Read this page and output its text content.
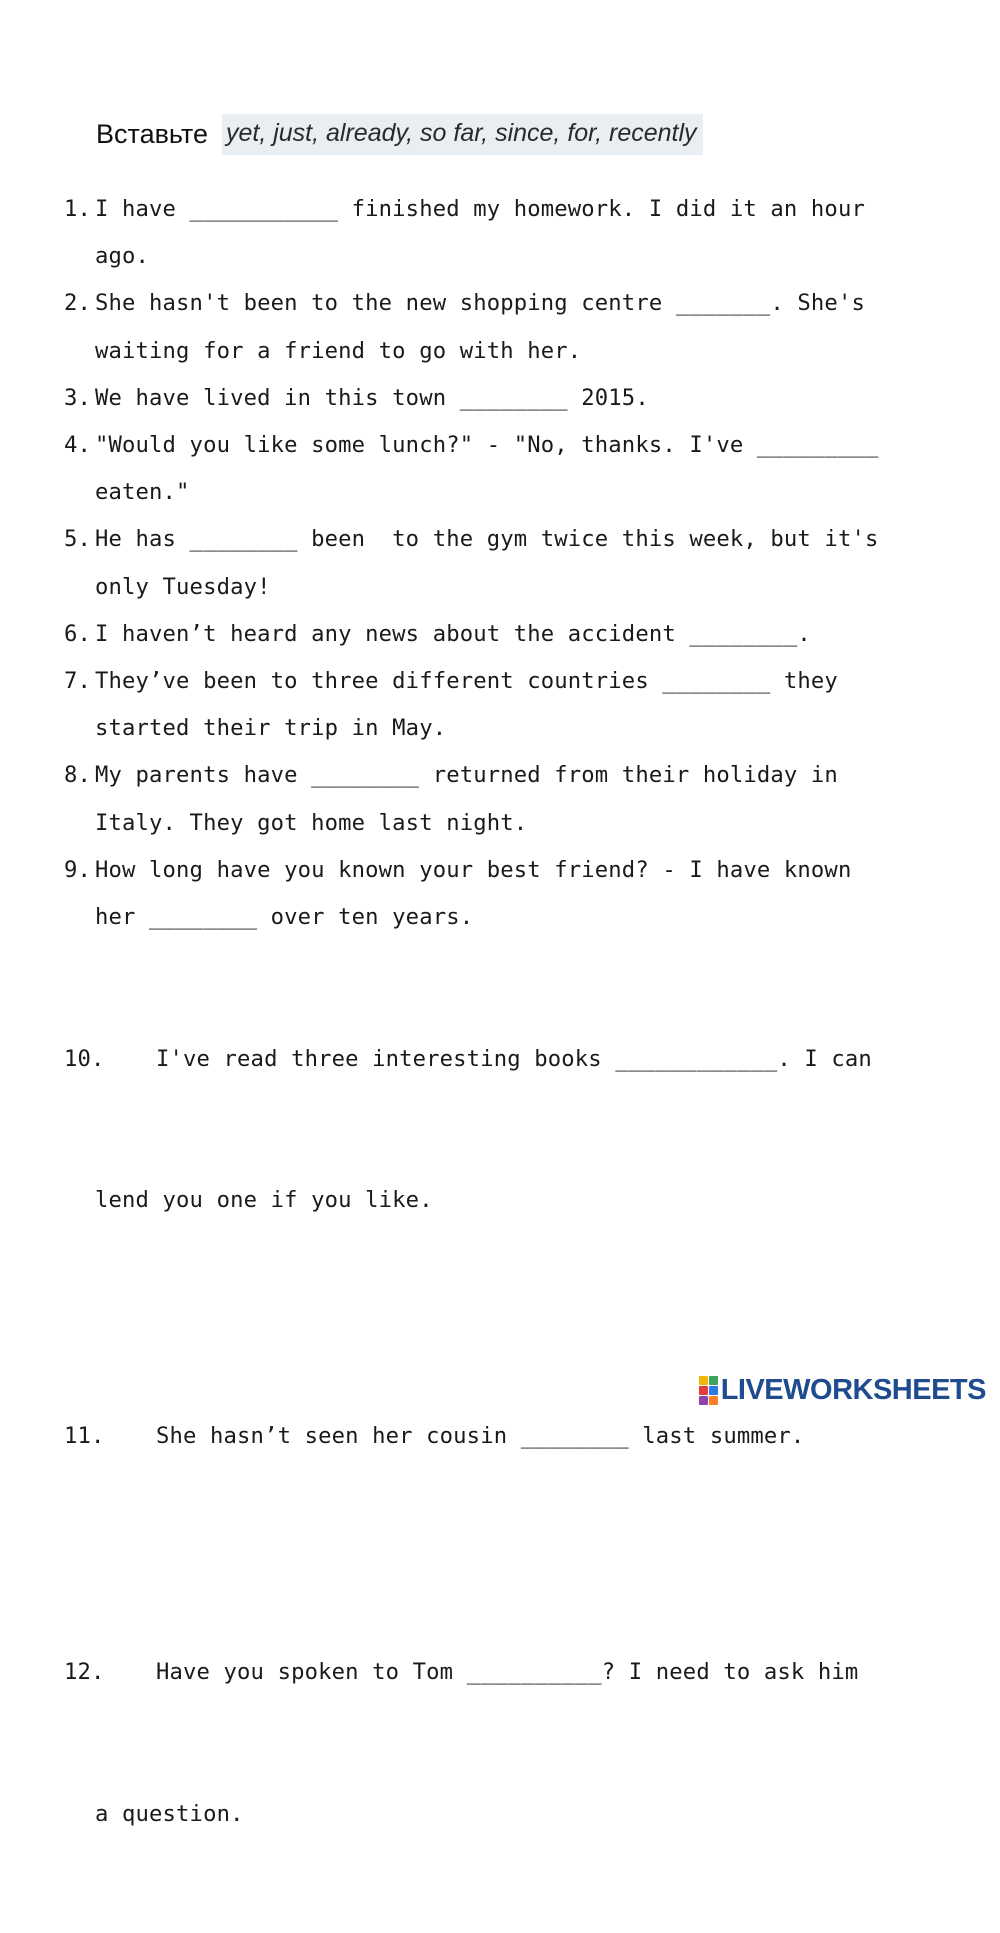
Вставьте yet, just, already, so far, since, for, recently
1. I have ___________ finished my homework. I did it an hour
ago.
2. She hasn't been to the new shopping centre _______. She's
waiting for a friend to go with her.
3. We have lived in this town ________ 2015.
4. "Would you like some lunch?" - "No, thanks. I've _________
eaten."
5. He has ________ been  to the gym twice this week, but it's
only Tuesday!
6. I haven’t heard any news about the accident ________.
7. They’ve been to three different countries ________ they
started their trip in May.
8. My parents have ________ returned from their holiday in
Italy. They got home last night.
9. How long have you known your best friend? - I have known
her ________ over ten years.

10. I've read three interesting books ____________. I can

lend you one if you like.

11. She hasn’t seen her cousin ________ last summer.

12. Have you spoken to Tom __________? I need to ask him

a question.

LIVEWORKSHEETS
